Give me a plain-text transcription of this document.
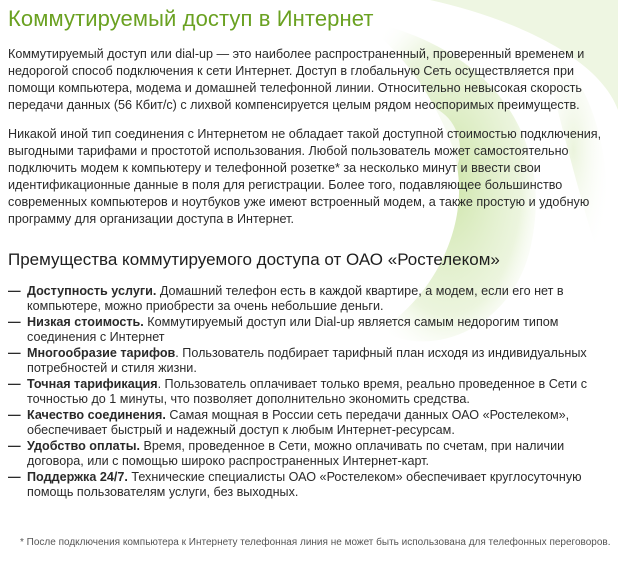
Коммутируемый доступ в Интернет

Коммутируемый доступ или dial-up — это наиболее распространенный, проверенный временем и недорогой способ подключения к сети Интернет. Доступ в глобальную Сеть осуществляется при помощи компьютера, модема и домашней телефонной линии. Относительно невысокая скорость передачи данных (56 Кбит/с) с лихвой компенсируется целым рядом неоспоримых преимуществ.

Никакой иной тип соединения с Интернетом не обладает такой доступной стоимостью подключения, выгодными тарифами и простотой использования. Любой пользователь может самостоятельно подключить модем к компьютеру и телефонной розетке* за несколько минут и ввести свои идентификационные данные в поля для регистрации. Более того, подавляющее большинство современных компьютеров и ноутбуков уже имеют встроенный модем, а также простую и удобную программу для организации доступа в Интернет.

Премущества коммутируемого доступа от ОАО «Ростелеком»
— Доступность услуги. Домашний телефон есть в каждой квартире, а модем, если его нет в компьютере, можно приобрести за очень небольшие деньги.
— Низкая стоимость. Коммутируемый доступ или Dial-up является самым недорогим типом соединения с Интернет
— Многообразие тарифов. Пользователь подбирает тарифный план исходя из индивидуальных потребностей и стиля жизни.
— Точная тарификация. Пользователь оплачивает только время, реально проведенное в Сети с точностью до 1 минуты, что позволяет дополнительно экономить средства.
— Качество соединения. Самая мощная в России сеть передачи данных ОАО «Ростелеком», обеспечивает быстрый и надежный доступ к любым Интернет-ресурсам.
— Удобство оплаты. Время, проведенное в Сети, можно оплачивать по счетам, при наличии договора, или с помощью широко распространенных Интернет-карт.
— Поддержка 24/7. Технические специалисты ОАО «Ростелеком» обеспечивает круглосуточную помощь пользователям услуги, без выходных.
* После подключения компьютера к Интернету телефонная линия не может быть использована для телефонных переговоров.
